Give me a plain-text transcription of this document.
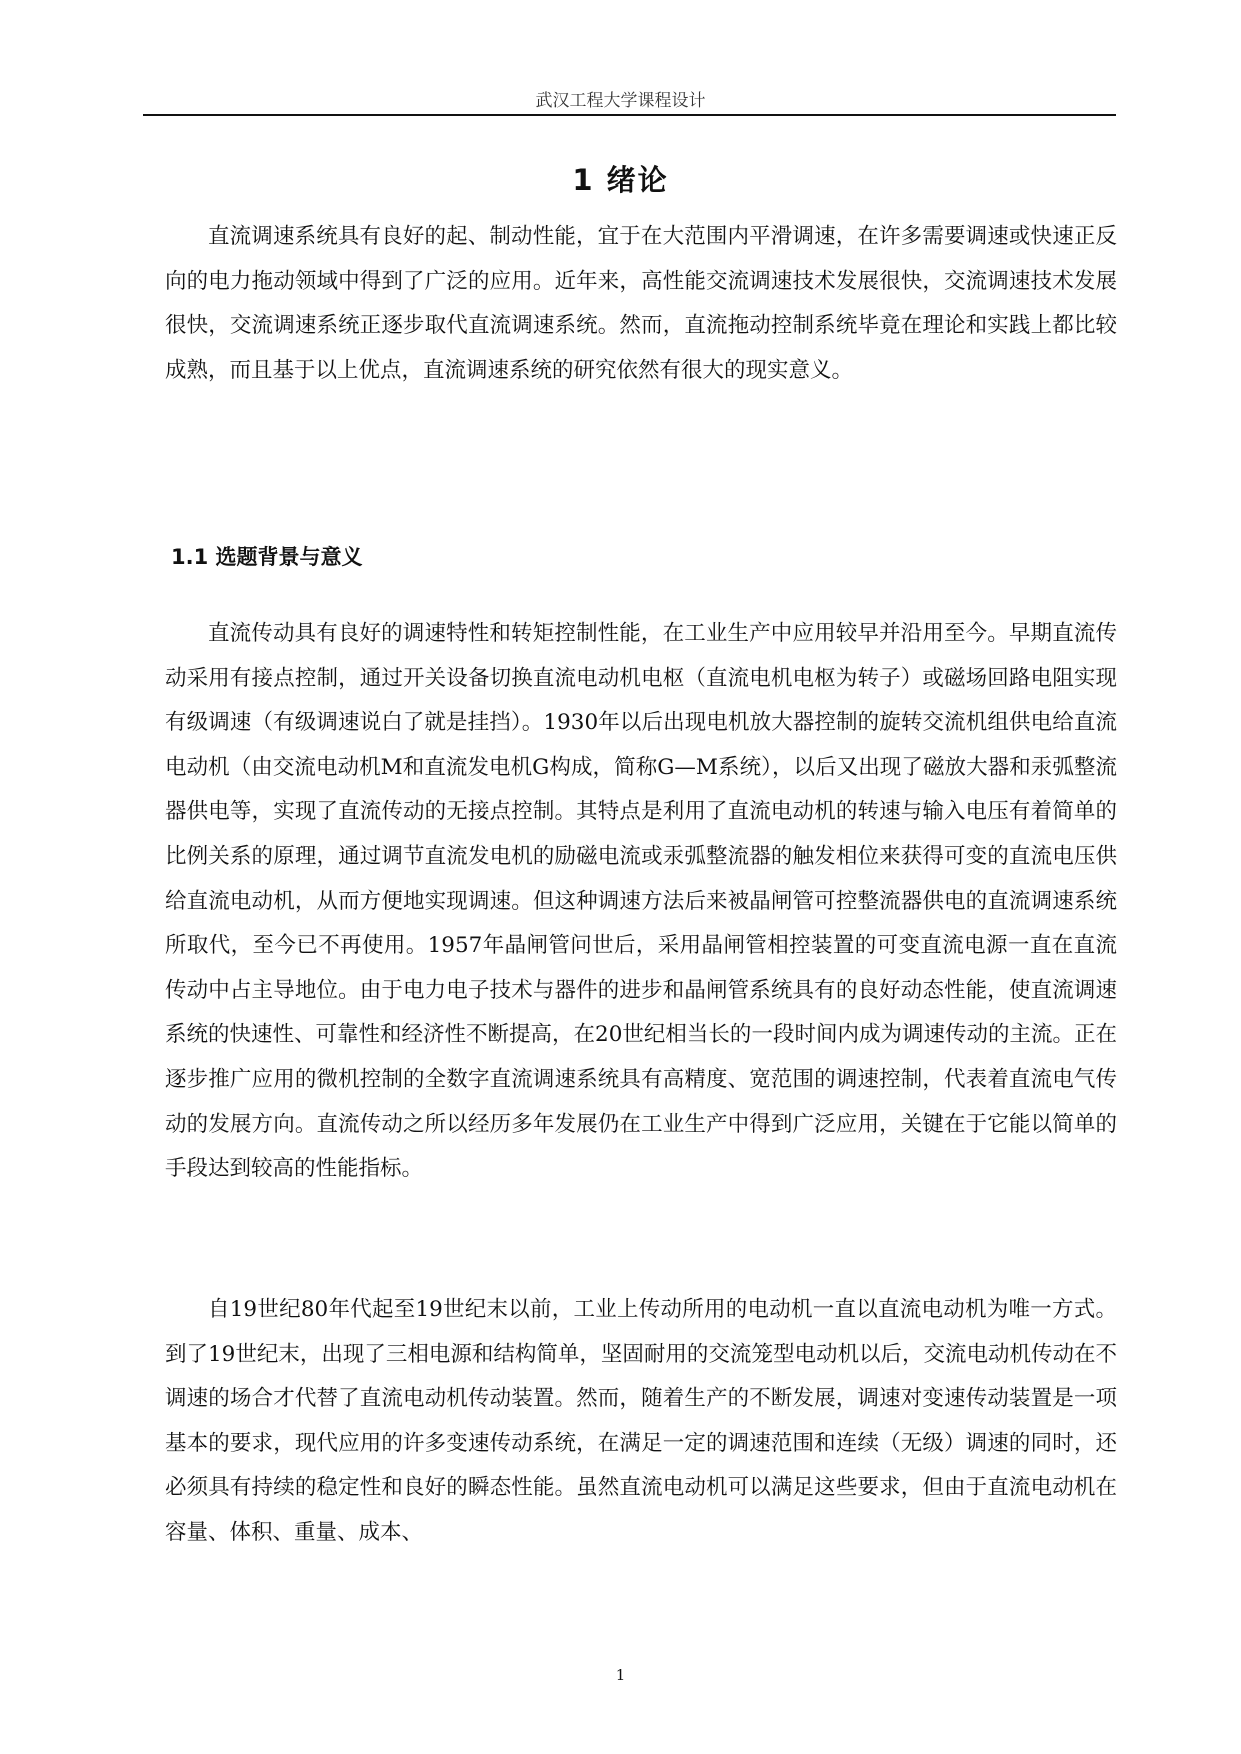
武汉工程大学课程设计
1 绪论

直流调速系统具有良好的起、制动性能，宜于在大范围内平滑调速，在许多需要调速或快速正反向的电力拖动领域中得到了广泛的应用。近年来，高性能交流调速技术发展很快，交流调速技术发展很快，交流调速系统正逐步取代直流调速系统。然而，直流拖动控制系统毕竟在理论和实践上都比较成熟，而且基于以上优点，直流调速系统的研究依然有很大的现实意义。

1.1 选题背景与意义

直流传动具有良好的调速特性和转矩控制性能，在工业生产中应用较早并沿用至今。早期直流传动采用有接点控制，通过开关设备切换直流电动机电枢（直流电机电枢为转子）或磁场回路电阻实现有级调速（有级调速说白了就是挂挡）。1930年以后出现电机放大器控制的旋转交流机组供电给直流电动机（由交流电动机M和直流发电机G构成，简称G—M系统），以后又出现了磁放大器和汞弧整流器供电等，实现了直流传动的无接点控制。其特点是利用了直流电动机的转速与输入电压有着简单的比例关系的原理，通过调节直流发电机的励磁电流或汞弧整流器的触发相位来获得可变的直流电压供给直流电动机，从而方便地实现调速。但这种调速方法后来被晶闸管可控整流器供电的直流调速系统所取代，至今已不再使用。1957年晶闸管问世后，采用晶闸管相控装置的可变直流电源一直在直流传动中占主导地位。由于电力电子技术与器件的进步和晶闸管系统具有的良好动态性能，使直流调速系统的快速性、可靠性和经济性不断提高，在20世纪相当长的一段时间内成为调速传动的主流。正在逐步推广应用的微机控制的全数字直流调速系统具有高精度、宽范围的调速控制，代表着直流电气传动的发展方向。直流传动之所以经历多年发展仍在工业生产中得到广泛应用，关键在于它能以简单的手段达到较高的性能指标。

自19世纪80年代起至19世纪末以前，工业上传动所用的电动机一直以直流电动机为唯一方式。到了19世纪末，出现了三相电源和结构简单，坚固耐用的交流笼型电动机以后，交流电动机传动在不调速的场合才代替了直流电动机传动装置。然而，随着生产的不断发展，调速对变速传动装置是一项基本的要求，现代应用的许多变速传动系统，在满足一定的调速范围和连续（无级）调速的同时，还必须具有持续的稳定性和良好的瞬态性能。虽然直流电动机可以满足这些要求，但由于直流电动机在容量、体积、重量、成本、

1
